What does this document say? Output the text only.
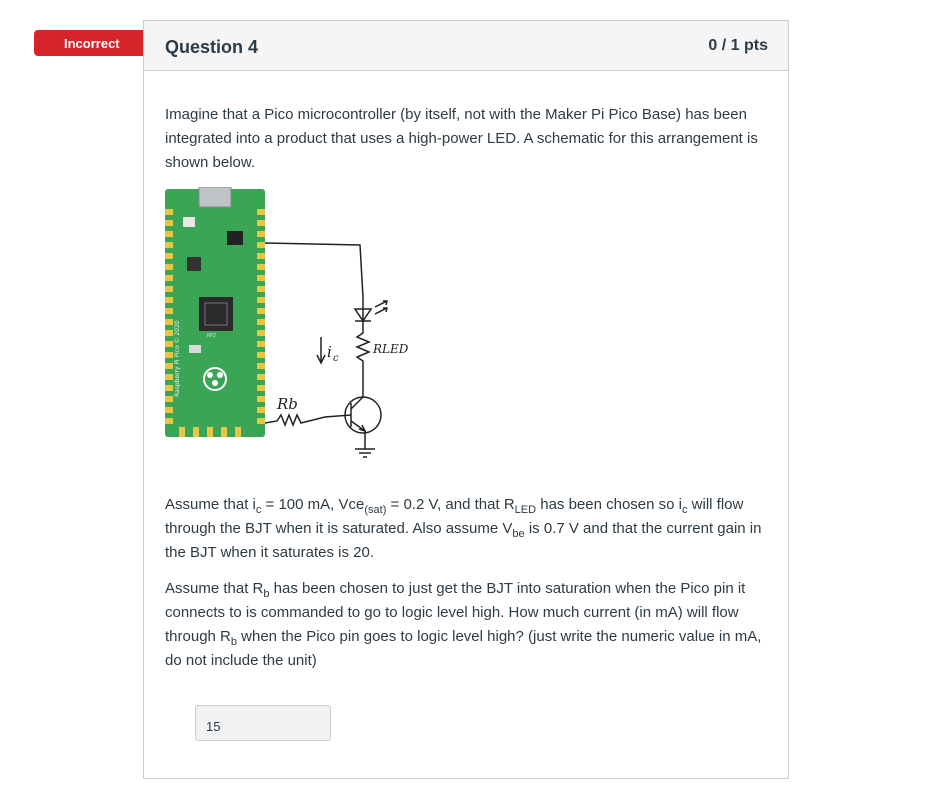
Incorrect	Question 4	0 / 1 pts

Imagine that a Pico microcontroller (by itself, not with the Maker Pi Pico Base) has been integrated into a product that uses a high-power LED. A schematic for this arrangement is shown below.

RP2
Raspberry Pi Pico © 2020
Rb
i c
RLED

Assume that $i_c = 100$ mA, Vce$_{(sat)}$ = 0.2 V, and that $R_{LED}$ has been chosen so $i_c$ will flow through the BJT when it is saturated. Also assume $V_{be}$ is 0.7 V and that the current gain in the BJT when it saturates is 20.

Assume that $R_b$ has been chosen to just get the BJT into saturation when the Pico pin it connects to is commanded to go to logic level high. How much current (in mA) will flow through $R_b$ when the Pico pin goes to logic level high? (just write the numeric value in mA, do not include the unit)

15
